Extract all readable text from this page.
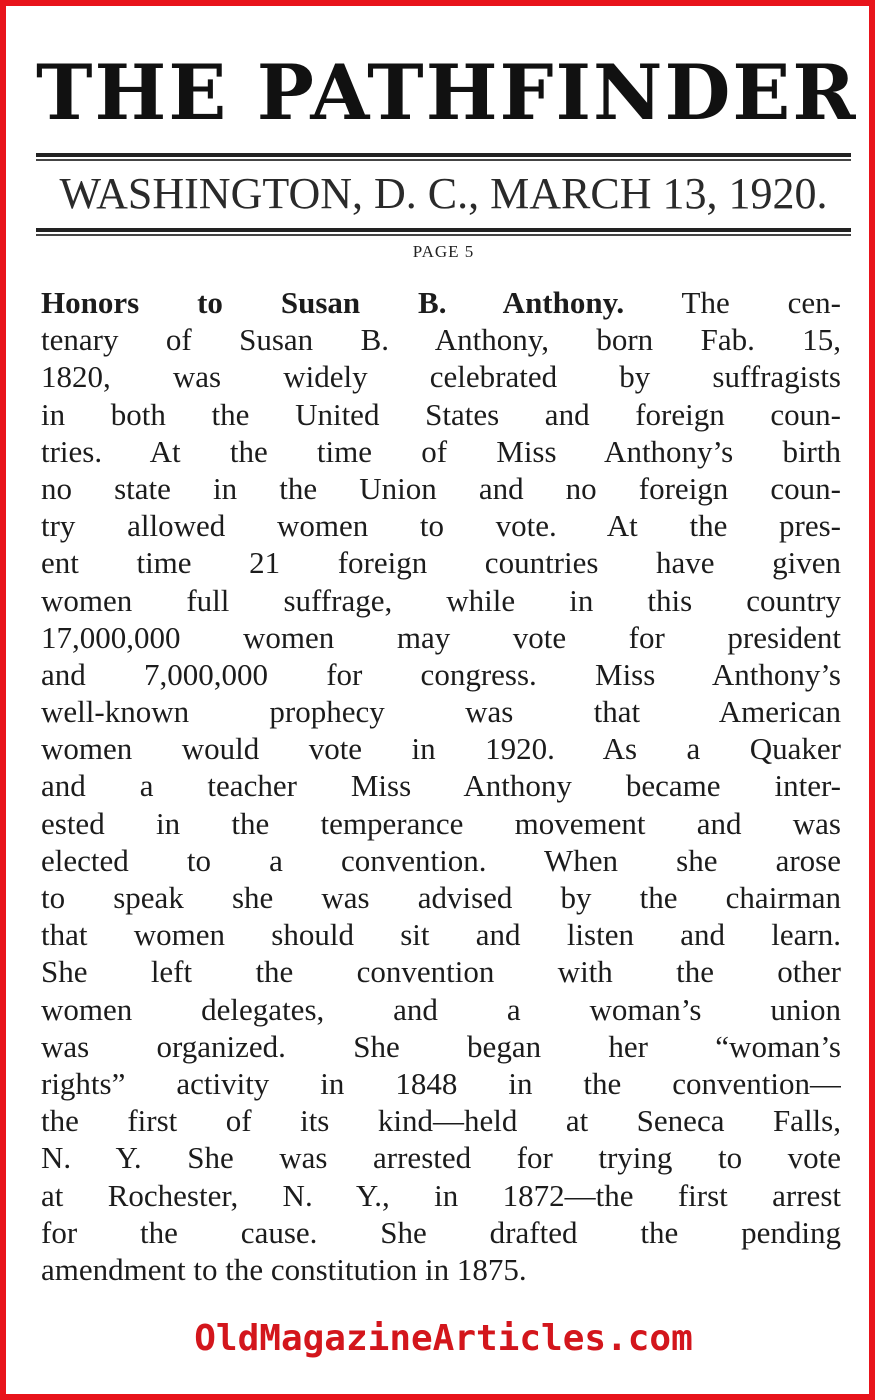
THE PATHFINDER
WASHINGTON, D. C., MARCH 13, 1920.
PAGE 5
Honors to Susan B. Anthony. The cen-
tenary of Susan B. Anthony, born Fab. 15,
1820, was widely celebrated by suffragists
in both the United States and foreign coun-
tries. At the time of Miss Anthony’s birth
no state in the Union and no foreign coun-
try allowed women to vote. At the pres-
ent time 21 foreign countries have given
women full suffrage, while in this country
17,000,000 women may vote for president
and 7,000,000 for congress. Miss Anthony’s
well-known prophecy was that American
women would vote in 1920. As a Quaker
and a teacher Miss Anthony became inter-
ested in the temperance movement and was
elected to a convention. When she arose
to speak she was advised by the chairman
that women should sit and listen and learn.
She left the convention with the other
women delegates, and a woman’s union
was organized. She began her “woman’s
rights” activity in 1848 in the convention—
the first of its kind—held at Seneca Falls,
N. Y. She was arrested for trying to vote
at Rochester, N. Y., in 1872—the first arrest
for the cause. She drafted the pending
amendment to the constitution in 1875.
OldMagazineArticles.com
